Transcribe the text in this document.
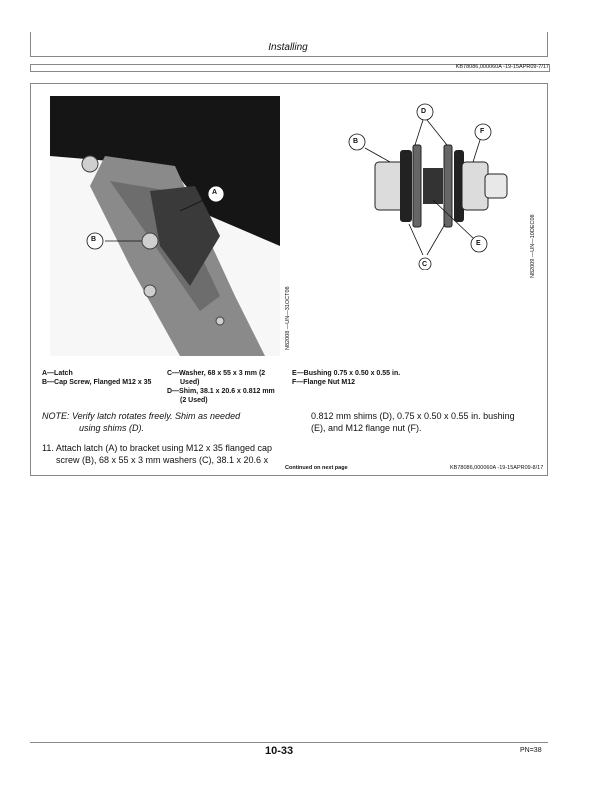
Installing
KB78086,000060A -19-15APR09-7/17
A
B
N82008 —UN—31OCT08
B
D
F
E
C	N82009 —UN—10DEC08
A—Latch
B—Cap Screw, Flanged M12 x 35
C—Washer, 68 x 55 x 3 mm (2
Used)
D—Shim, 38.1 x 20.6 x 0.812 mm
(2 Used)
E—Bushing 0.75 x 0.50 x 0.55 in.
F—Flange Nut M12
NOTE: Verify latch rotates freely. Shim as needed
using shims (D).
11. Attach latch (A) to bracket using M12 x 35 flanged cap
screw (B), 68 x 55 x 3 mm washers (C), 38.1 x 20.6 x
0.812 mm shims (D), 0.75 x 0.50 x 0.55 in. bushing
(E), and M12 flange nut (F).
Continued on next page	KB78086,000060A -19-15APR09-8/17
10-33	PN=38
